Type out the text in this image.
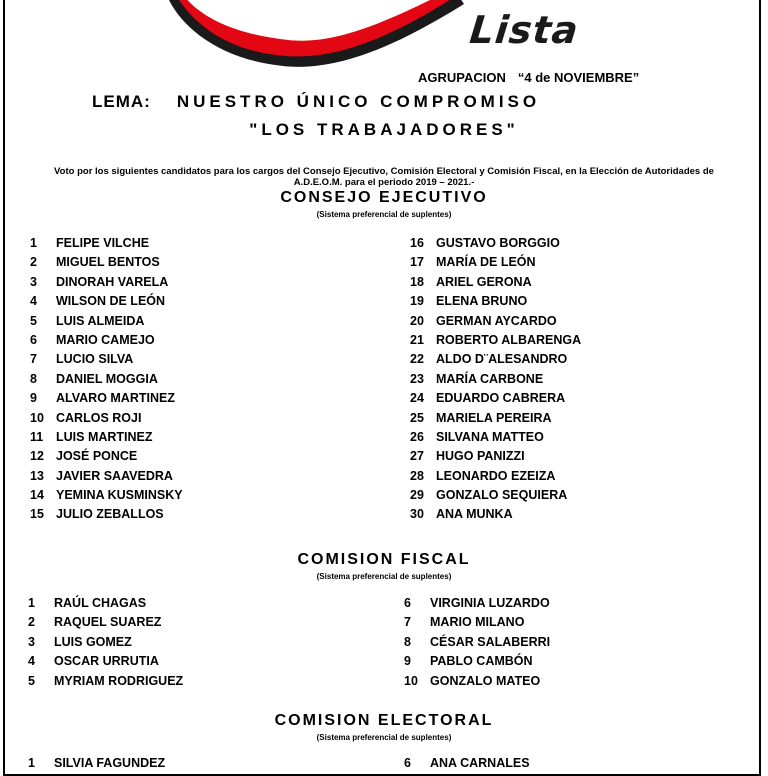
Lista
AGRUPACION “4 de NOVIEMBRE”
LEMA: NUESTRO ÚNICO COMPROMISO
"LOS TRABAJADORES"
Voto por los siguientes candidatos para los cargos del Consejo Ejecutivo, Comisión Electoral y Comisión Fiscal, en la Elección de Autoridades de A.D.E.O.M. para el periodo 2019 – 2021.-
CONSEJO EJECUTIVO
(Sistema preferencial de suplentes)
1	FELIPE VILCHE
2	MIGUEL BENTOS
3	DINORAH VARELA
4	WILSON DE LEÓN
5	LUIS ALMEIDA
6	MARIO CAMEJO
7	LUCIO SILVA
8	DANIEL MOGGIA
9	ALVARO MARTINEZ
10 CARLOS ROJI
11	LUIS MARTINEZ
12 JOSÉ PONCE
13 JAVIER SAAVEDRA
14 YEMINA KUSMINSKY
15 JULIO ZEBALLOS
16 GUSTAVO BORGGIO
17 MARÍA DE LEÓN
18 ARIEL GERONA
19 ELENA BRUNO
20 GERMAN AYCARDO
21 ROBERTO ALBARENGA
22 ALDO D¨ALESANDRO
23 MARÍA CARBONE
24 EDUARDO CABRERA
25 MARIELA PEREIRA
26 SILVANA MATTEO
27 HUGO PANIZZI
28 LEONARDO EZEIZA
29 GONZALO SEQUIERA
30 ANA MUNKA
COMISION FISCAL
(Sistema preferencial de suplentes)
1	RAÚL CHAGAS
2	RAQUEL SUAREZ
3	LUIS GOMEZ
4	OSCAR URRUTIA
5	MYRIAM RODRIGUEZ
6	VIRGINIA LUZARDO
7	MARIO MILANO
8	CÉSAR SALABERRI
9	PABLO CAMBÓN
10 GONZALO MATEO
COMISION ELECTORAL
(Sistema preferencial de suplentes)
1	SILVIA FAGUNDEZ	6	ANA CARNALES
